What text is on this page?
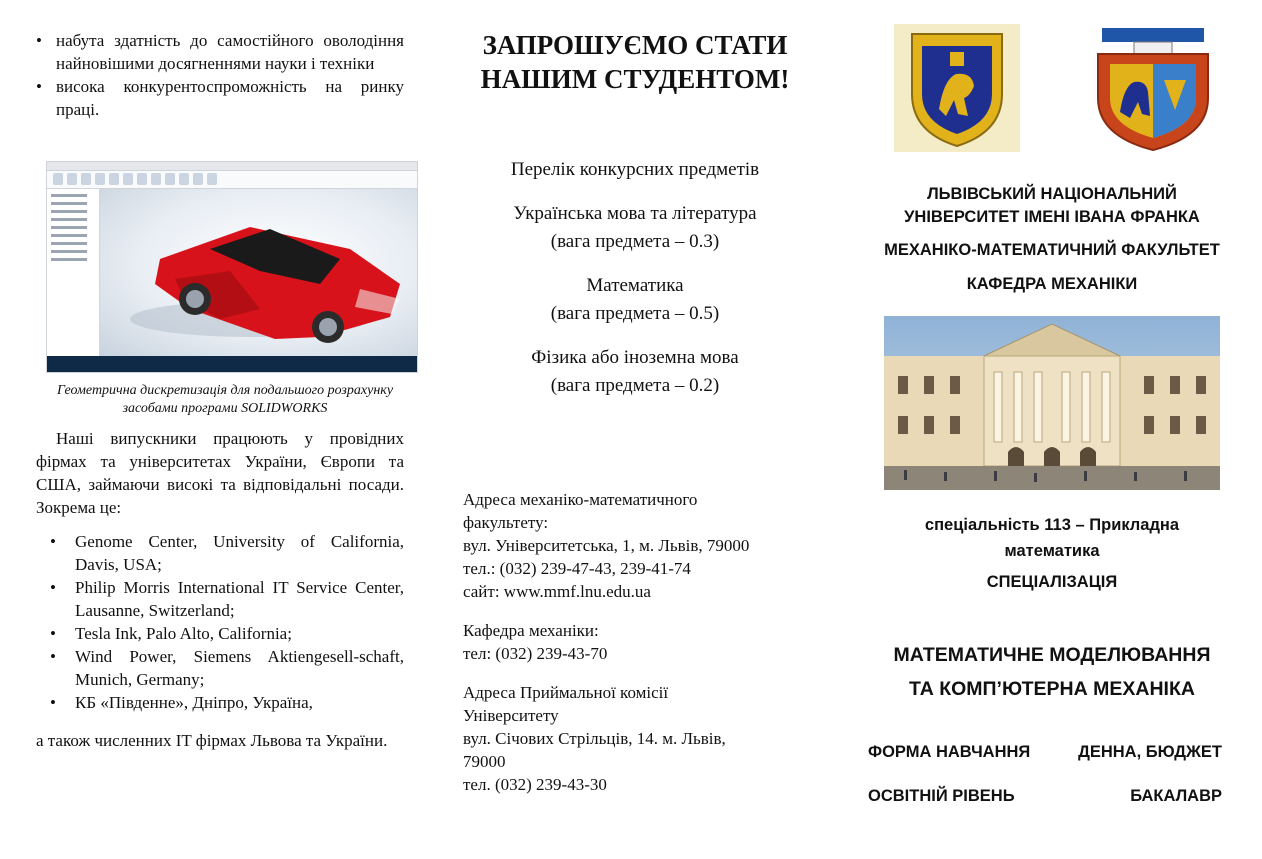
• набута здатність до самостійного оволодіння найновішими досягненнями науки і техніки
• висока конкурентоспроможність на ринку праці.
Геометрична дискретизація для подальшого розрахунку засобами програми SOLIDWORKS
Наші випускники працюють у провідних фірмах та університетах України, Європи та США, займаючи високі та відповідальні посади. Зокрема це:
• Genome Center, University of California, Davis, USA;
• Philip Morris International IT Service Center, Lausanne, Switzerland;
• Tesla Ink, Palo Alto, California;
• Wind Power, Siemens Aktiengesell-schaft, Munich, Germany;
• КБ «Південне», Дніпро, Україна,
а також численних IT фірмах Львова та України.
ЗАПРОШУЄМО СТАТИ
НАШИМ СТУДЕНТОМ!
Перелік конкурсних предметів
Українська мова та література
(вага предмета – 0.3)
Математика
(вага предмета – 0.5)
Фізика або іноземна мова
(вага предмета – 0.2)
Адреса механіко-математичного
факультету:
вул. Університетська, 1, м. Львів, 79000
тел.: (032) 239-47-43, 239-41-74
сайт: www.mmf.lnu.edu.ua
Кафедра механіки:
тел: (032) 239-43-70
Адреса Приймальної комісії
Університету
вул. Січових Стрільців, 14. м. Львів,
79000
тел. (032) 239-43-30
ЛЬВІВСЬКИЙ НАЦІОНАЛЬНИЙ
УНІВЕРСИТЕТ ІМЕНІ ІВАНА ФРАНКА
МЕХАНІКО-МАТЕМАТИЧНИЙ ФАКУЛЬТЕТ
КАФЕДРА МЕХАНІКИ
спеціальність 113 – Прикладна
математика
СПЕЦІАЛІЗАЦІЯ
МАТЕМАТИЧНЕ МОДЕЛЮВАННЯ
ТА КОМП’ЮТЕРНА МЕХАНІКА
ФОРМА НАВЧАННЯ	ДЕННА, БЮДЖЕТ
ОСВІТНІЙ РІВЕНЬ	БАКАЛАВР
